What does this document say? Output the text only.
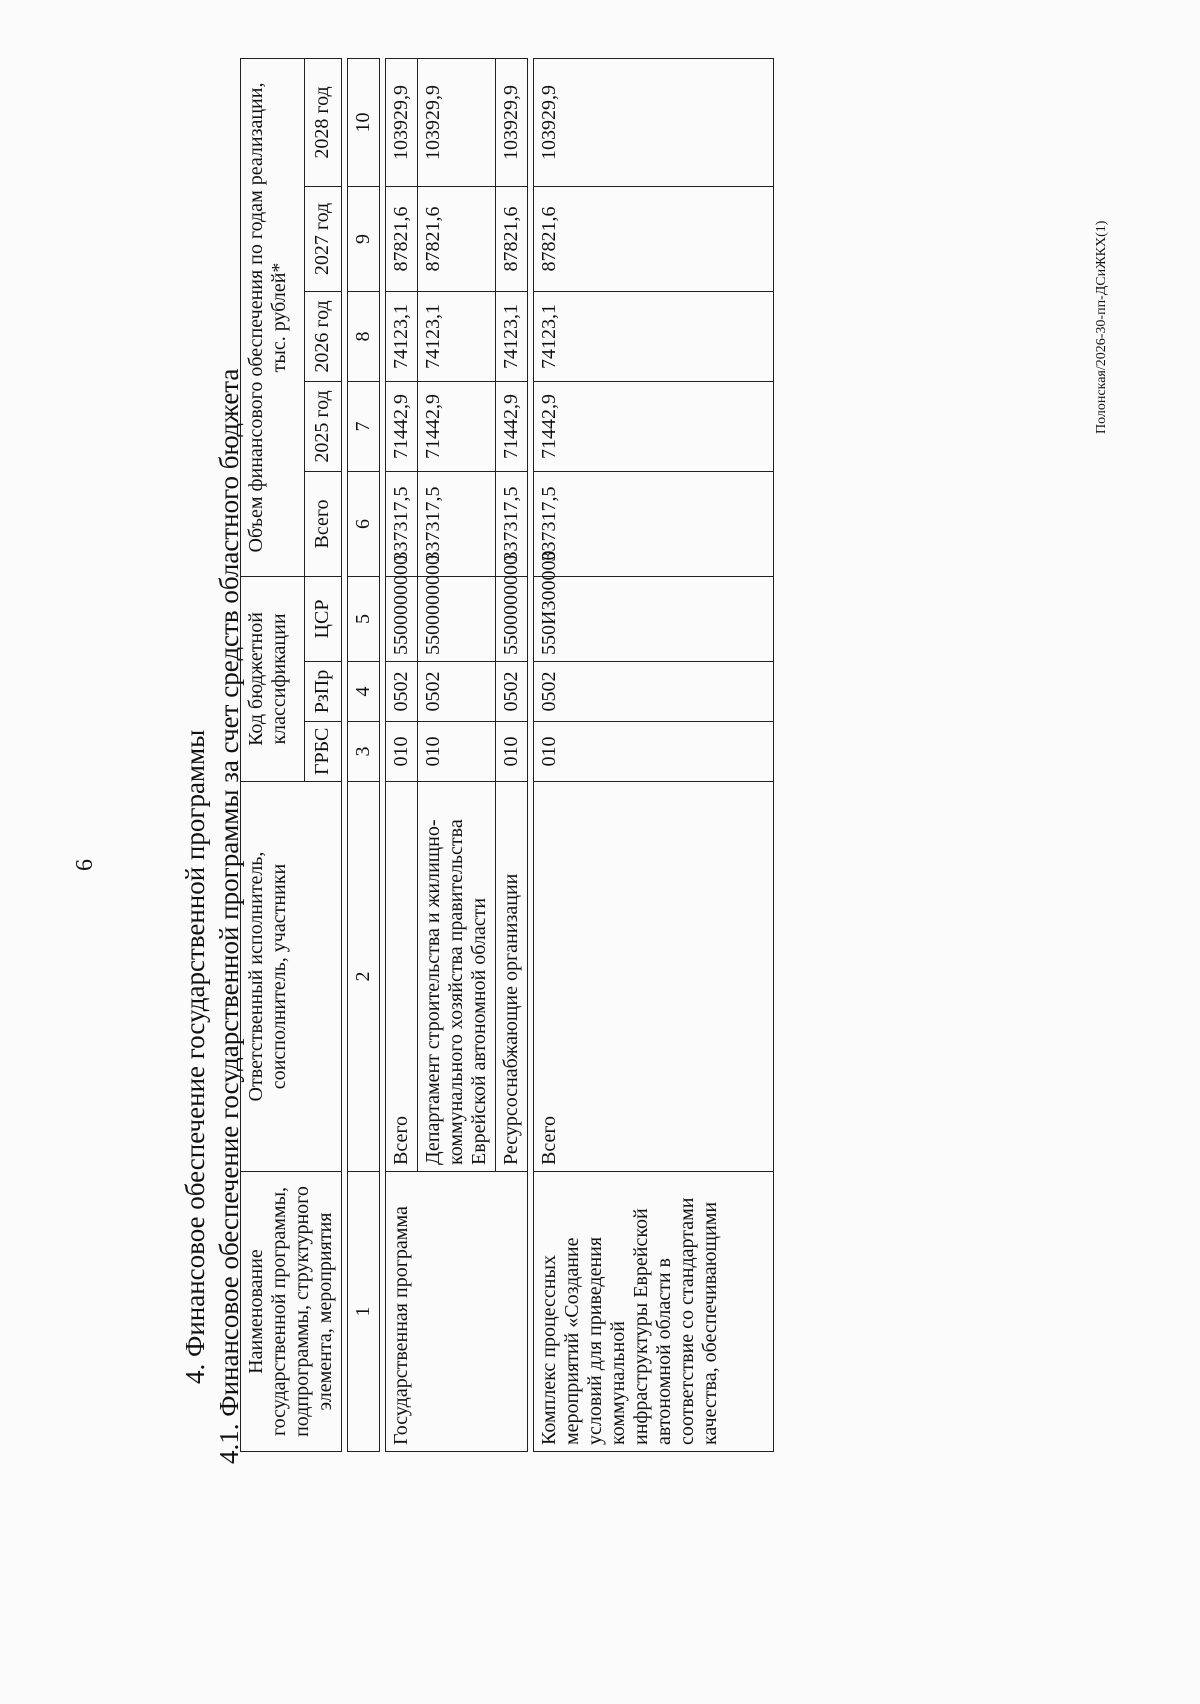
6	4. Финансовое обеспечение государственной программы 4.1. Финансовое обеспечение государственной программы за счет средств областного бюджета Наименование государственной программы, подпрограммы, структурного элемента, мероприятия	Ответственный исполнитель, соисполнитель, участники	Код бюджетной классификации			Объем финансового обеспечения по годам реализации, тыс. рублей*				
		ГРБС	РзПр	ЦСР	Всего	2025 год	2026 год	2027 год	2028 год

1	2	3	4	5	6	7	8	9	10

Государственная программа	Всего	010	0502	5500000000	337317,5	71442,9	74123,1	87821,6	103929,9
	Департамент строительства и жилищно-коммунального хозяйства правительства Еврейской автономной области	010	0502	5500000000	337317,5	71442,9	74123,1	87821,6	103929,9
	Ресурсоснабжающие организации	010	0502	5500000000	337317,5	71442,9	74123,1	87821,6	103929,9

Комплекс процессных мероприятий «Создание условий для приведения коммунальной инфраструктуры Еврейской автономной области в соответствие со стандартами качества, обеспечивающими	Всего	010	0502	550И300000	337317,5	71442,9	74123,1	87821,6	103929,9
Полонская/2026-30-пп-ДСиЖКХ(1)
